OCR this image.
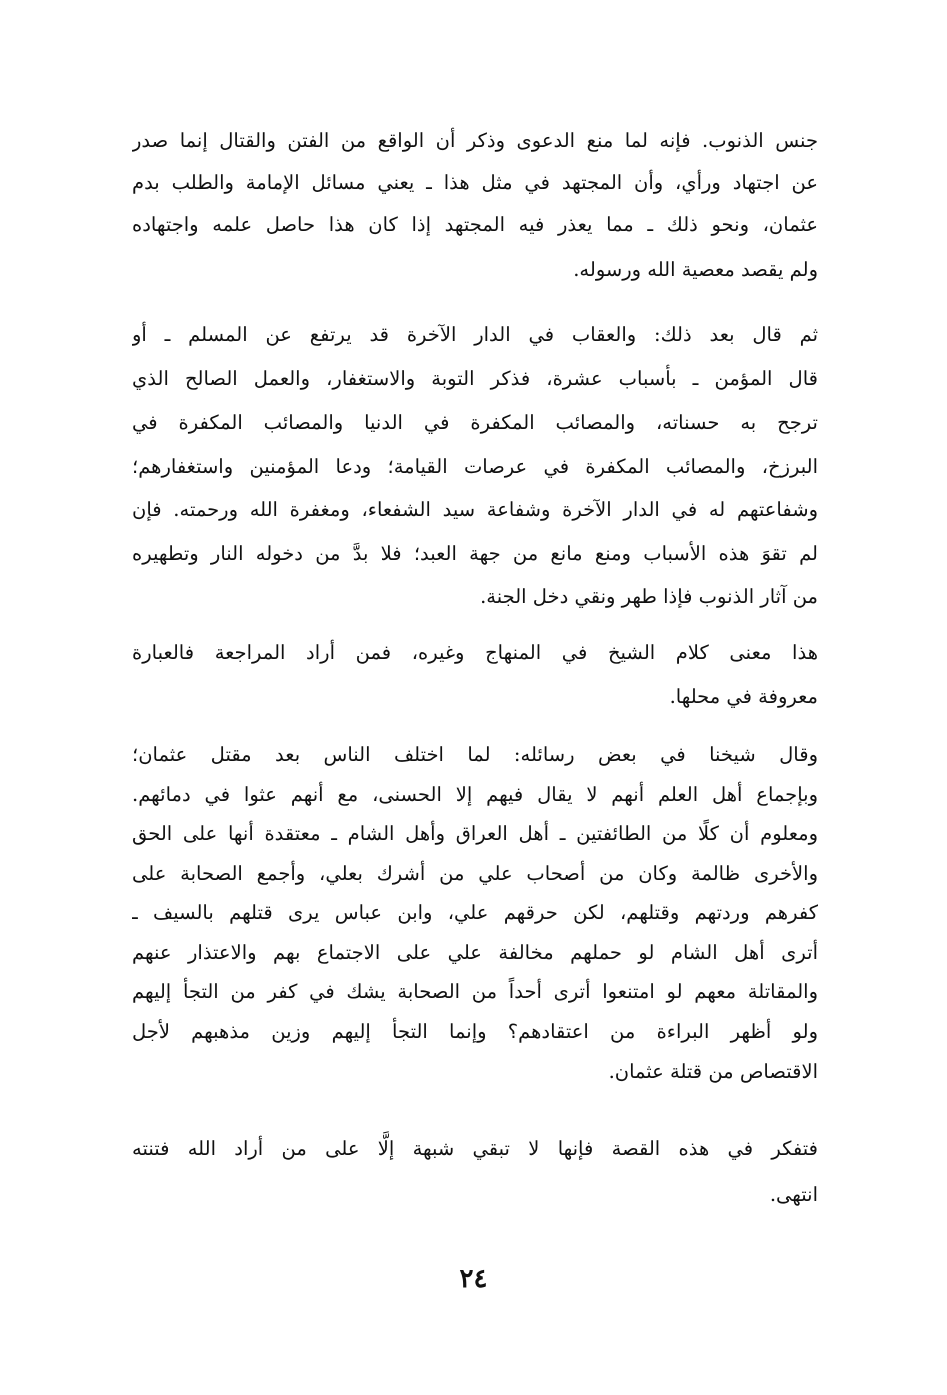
جنس الذنوب. فإنه لما منع الدعوى وذكر أن الواقع من الفتن والقتال إنما صدر
عن اجتهاد ورأي، وأن المجتهد في مثل هذا ـ يعني مسائل الإمامة والطلب بدم
عثمان، ونحو ذلك ـ مما يعذر فيه المجتهد إذا كان هذا حاصل علمه واجتهاده
ولم يقصد معصية الله ورسوله.
ثم قال بعد ذلك: والعقاب في الدار الآخرة قد يرتفع عن المسلم ـ أو
قال المؤمن ـ بأسباب عشرة، فذكر التوبة والاستغفار، والعمل الصالح الذي
ترجح به حسناته، والمصائب المكفرة في الدنيا والمصائب المكفرة في
البرزخ، والمصائب المكفرة في عرصات القيامة؛ ودعا المؤمنين واستغفارهم؛
وشفاعتهم له في الدار الآخرة وشفاعة سيد الشفعاء، ومغفرة الله ورحمته. فإن
لم تقوَ هذه الأسباب ومنع مانع من جهة العبد؛ فلا بدَّ من دخوله النار وتطهيره
من آثار الذنوب فإذا طهر ونقي دخل الجنة.
هذا معنى كلام الشيخ في المنهاج وغيره، فمن أراد المراجعة فالعبارة
معروفة في محلها.
وقال شيخنا في بعض رسائله: لما اختلف الناس بعد مقتل عثمان؛
وبإجماع أهل العلم أنهم لا يقال فيهم إلا الحسنى، مع أنهم عثوا في دمائهم.
ومعلوم أن كلًا من الطائفتين ـ أهل العراق وأهل الشام ـ معتقدة أنها على الحق
والأخرى ظالمة وكان من أصحاب علي من أشرك بعلي، وأجمع الصحابة على
كفرهم وردتهم وقتلهم، لكن حرقهم علي، وابن عباس يرى قتلهم بالسيف ـ
أترى أهل الشام لو حملهم مخالفة علي على الاجتماع بهم والاعتذار عنهم
والمقاتلة معهم لو امتنعوا أترى أحداً من الصحابة يشك في كفر من التجأ إليهم
ولو أظهر البراءة من اعتقادهم؟ وإنما التجأ إليهم وزين مذهبهم لأجل
الاقتصاص من قتلة عثمان.
فتفكر في هذه القصة فإنها لا تبقي شبهة إلَّا على من أراد الله فتنته
انتهى.
٢٤
